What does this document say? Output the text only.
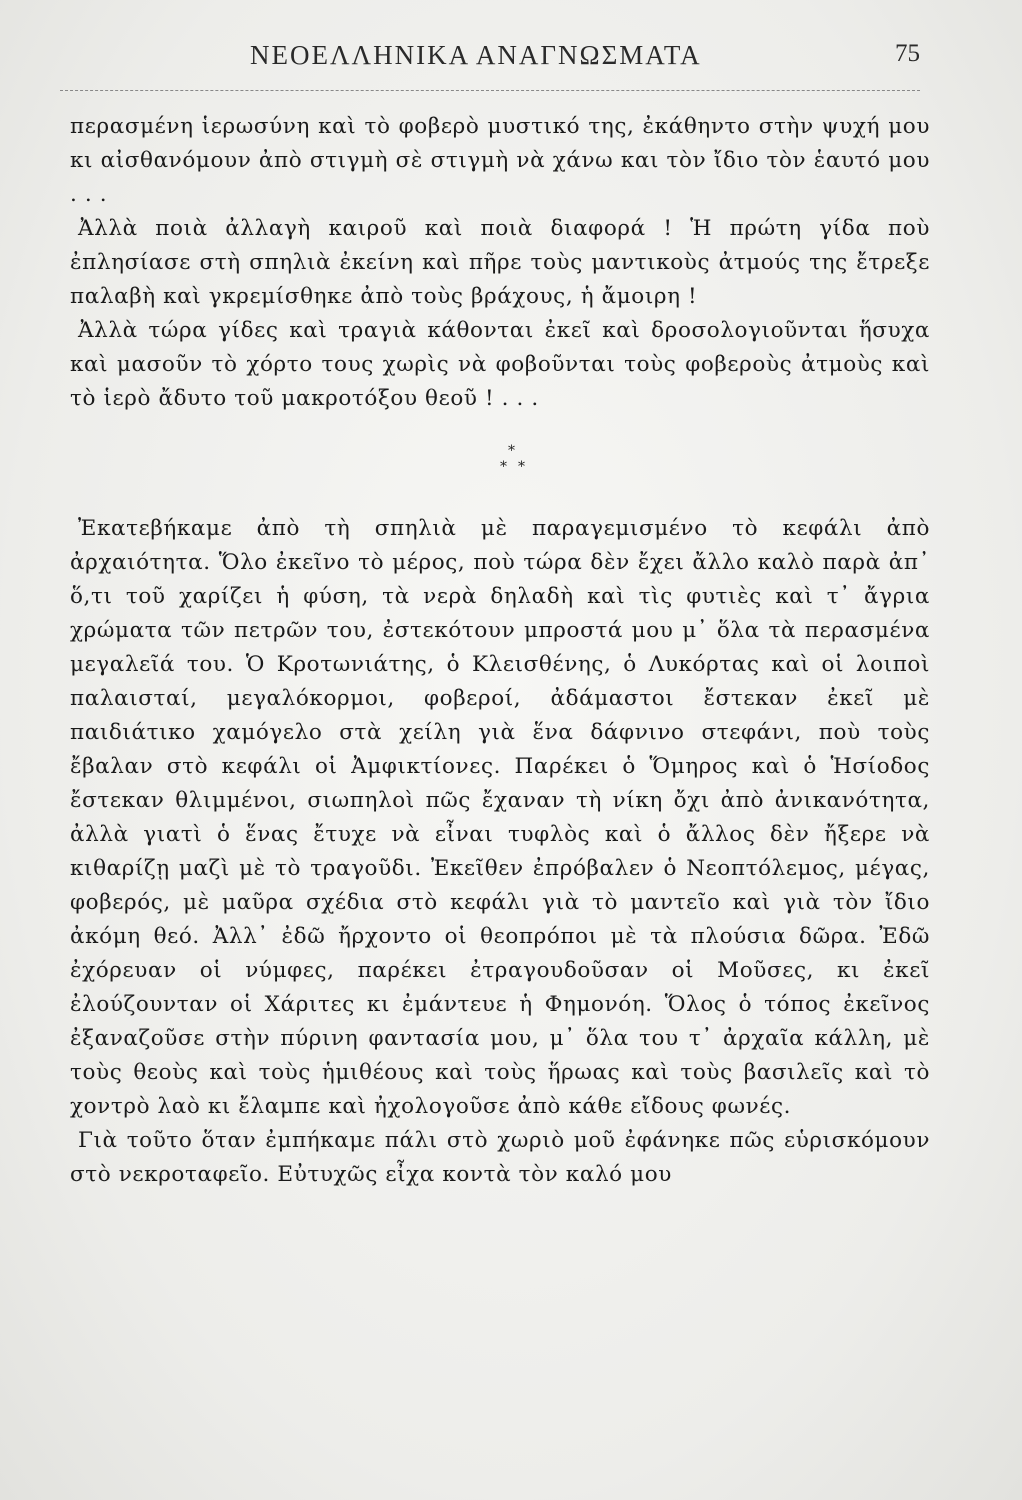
ΝΕΟΕΛΛΗΝΙΚΑ ΑΝΑΓΝΩΣΜΑΤΑ	75

περασμένη ἱερωσύνη καὶ τὸ φοβερὸ μυστικό της, ἐκάθηντο στὴν ψυχή μου κι αἰσθανόμουν ἀπὸ στιγμὴ σὲ στιγμὴ νὰ χάνω και τὸν ἴδιο τὸν ἑαυτό μου . . .

Ἀλλὰ ποιὰ ἀλλαγὴ καιροῦ καὶ ποιὰ διαφορά ! Ἡ πρώτη γίδα ποὺ ἐπλησίασε στὴ σπηλιὰ ἐκείνη καὶ πῆρε τοὺς μαντικοὺς ἀτμούς της ἔτρεξε παλαβὴ καὶ γκρεμίσθηκε ἀπὸ τοὺς βράχους, ἡ ἄμοιρη !

Ἀλλὰ τώρα γίδες καὶ τραγιὰ κάθονται ἐκεῖ καὶ δροσολογιοῦνται ἥσυχα καὶ μασοῦν τὸ χόρτο τους χωρὶς νὰ φοβοῦνται τοὺς φοβεροὺς ἀτμοὺς καὶ τὸ ἱερὸ ἄδυτο τοῦ μακροτόξου θεοῦ ! . . .

*
* *

Ἐκατεβήκαμε ἀπὸ τὴ σπηλιὰ μὲ παραγεμισμένο τὸ κεφάλι ἀπὸ ἀρχαιότητα. Ὅλο ἐκεῖνο τὸ μέρος, ποὺ τώρα δὲν ἔχει ἄλλο καλὸ παρὰ ἀπ᾿ ὅ,τι τοῦ χαρίζει ἡ φύση, τὰ νερὰ δηλαδὴ καὶ τὶς φυτιὲς καὶ τ᾿ ἄγρια χρώματα τῶν πετρῶν του, ἐστεκότουν μπροστά μου μ᾿ ὅλα τὰ περασμένα μεγαλεῖά του. Ὁ Κροτωνιάτης, ὁ Κλεισθένης, ὁ Λυκόρτας καὶ οἱ λοιποὶ παλαισταί, μεγαλόκορμοι, φοβεροί, ἀδάμαστοι ἔστεκαν ἐκεῖ μὲ παιδιάτικο χαμόγελο στὰ χείλη γιὰ ἕνα δάφνινο στεφάνι, ποὺ τοὺς ἔβαλαν στὸ κεφάλι οἱ Ἀμφικτίονες. Παρέκει ὁ Ὅμηρος καὶ ὁ Ἡσίοδος ἔστεκαν θλιμμένοι, σιωπηλοὶ πῶς ἔχαναν τὴ νίκη ὄχι ἀπὸ ἀνικανότητα, ἀλλὰ γιατὶ ὁ ἕνας ἔτυχε νὰ εἶναι τυφλὸς καὶ ὁ ἄλλος δὲν ἤξερε νὰ κιθαρίζῃ μαζὶ μὲ τὸ τραγοῦδι. Ἐκεῖθεν ἐπρόβαλεν ὁ Νεοπτόλεμος, μέγας, φοβερός, μὲ μαῦρα σχέδια στὸ κεφάλι γιὰ τὸ μαντεῖο καὶ γιὰ τὸν ἴδιο ἀκόμη θεό. Ἀλλ᾿ ἐδῶ ἤρχοντο οἱ θεοπρόποι μὲ τὰ πλούσια δῶρα. Ἐδῶ ἐχόρευαν οἱ νύμφες, παρέκει ἐτραγουδοῦσαν οἱ Μοῦσες, κι ἐκεῖ ἐλούζουνταν οἱ Χάριτες κι ἐμάντευε ἡ Φημονόη. Ὅλος ὁ τόπος ἐκεῖνος ἐξαναζοῦσε στὴν πύρινη φαντασία μου, μ᾿ ὅλα του τ᾿ ἀρχαῖα κάλλη, μὲ τοὺς θεοὺς καὶ τοὺς ἡμιθέους καὶ τοὺς ἥρωας καὶ τοὺς βασιλεῖς καὶ τὸ χοντρὸ λαὸ κι ἔλαμπε καὶ ἠχολογοῦσε ἀπὸ κάθε εἴδους φωνές.

Γιὰ τοῦτο ὅταν ἐμπήκαμε πάλι στὸ χωριὸ μοῦ ἐφάνηκε πῶς εὑρισκόμουν στὸ νεκροταφεῖο. Εὐτυχῶς εἶχα κοντὰ τὸν καλό μου
